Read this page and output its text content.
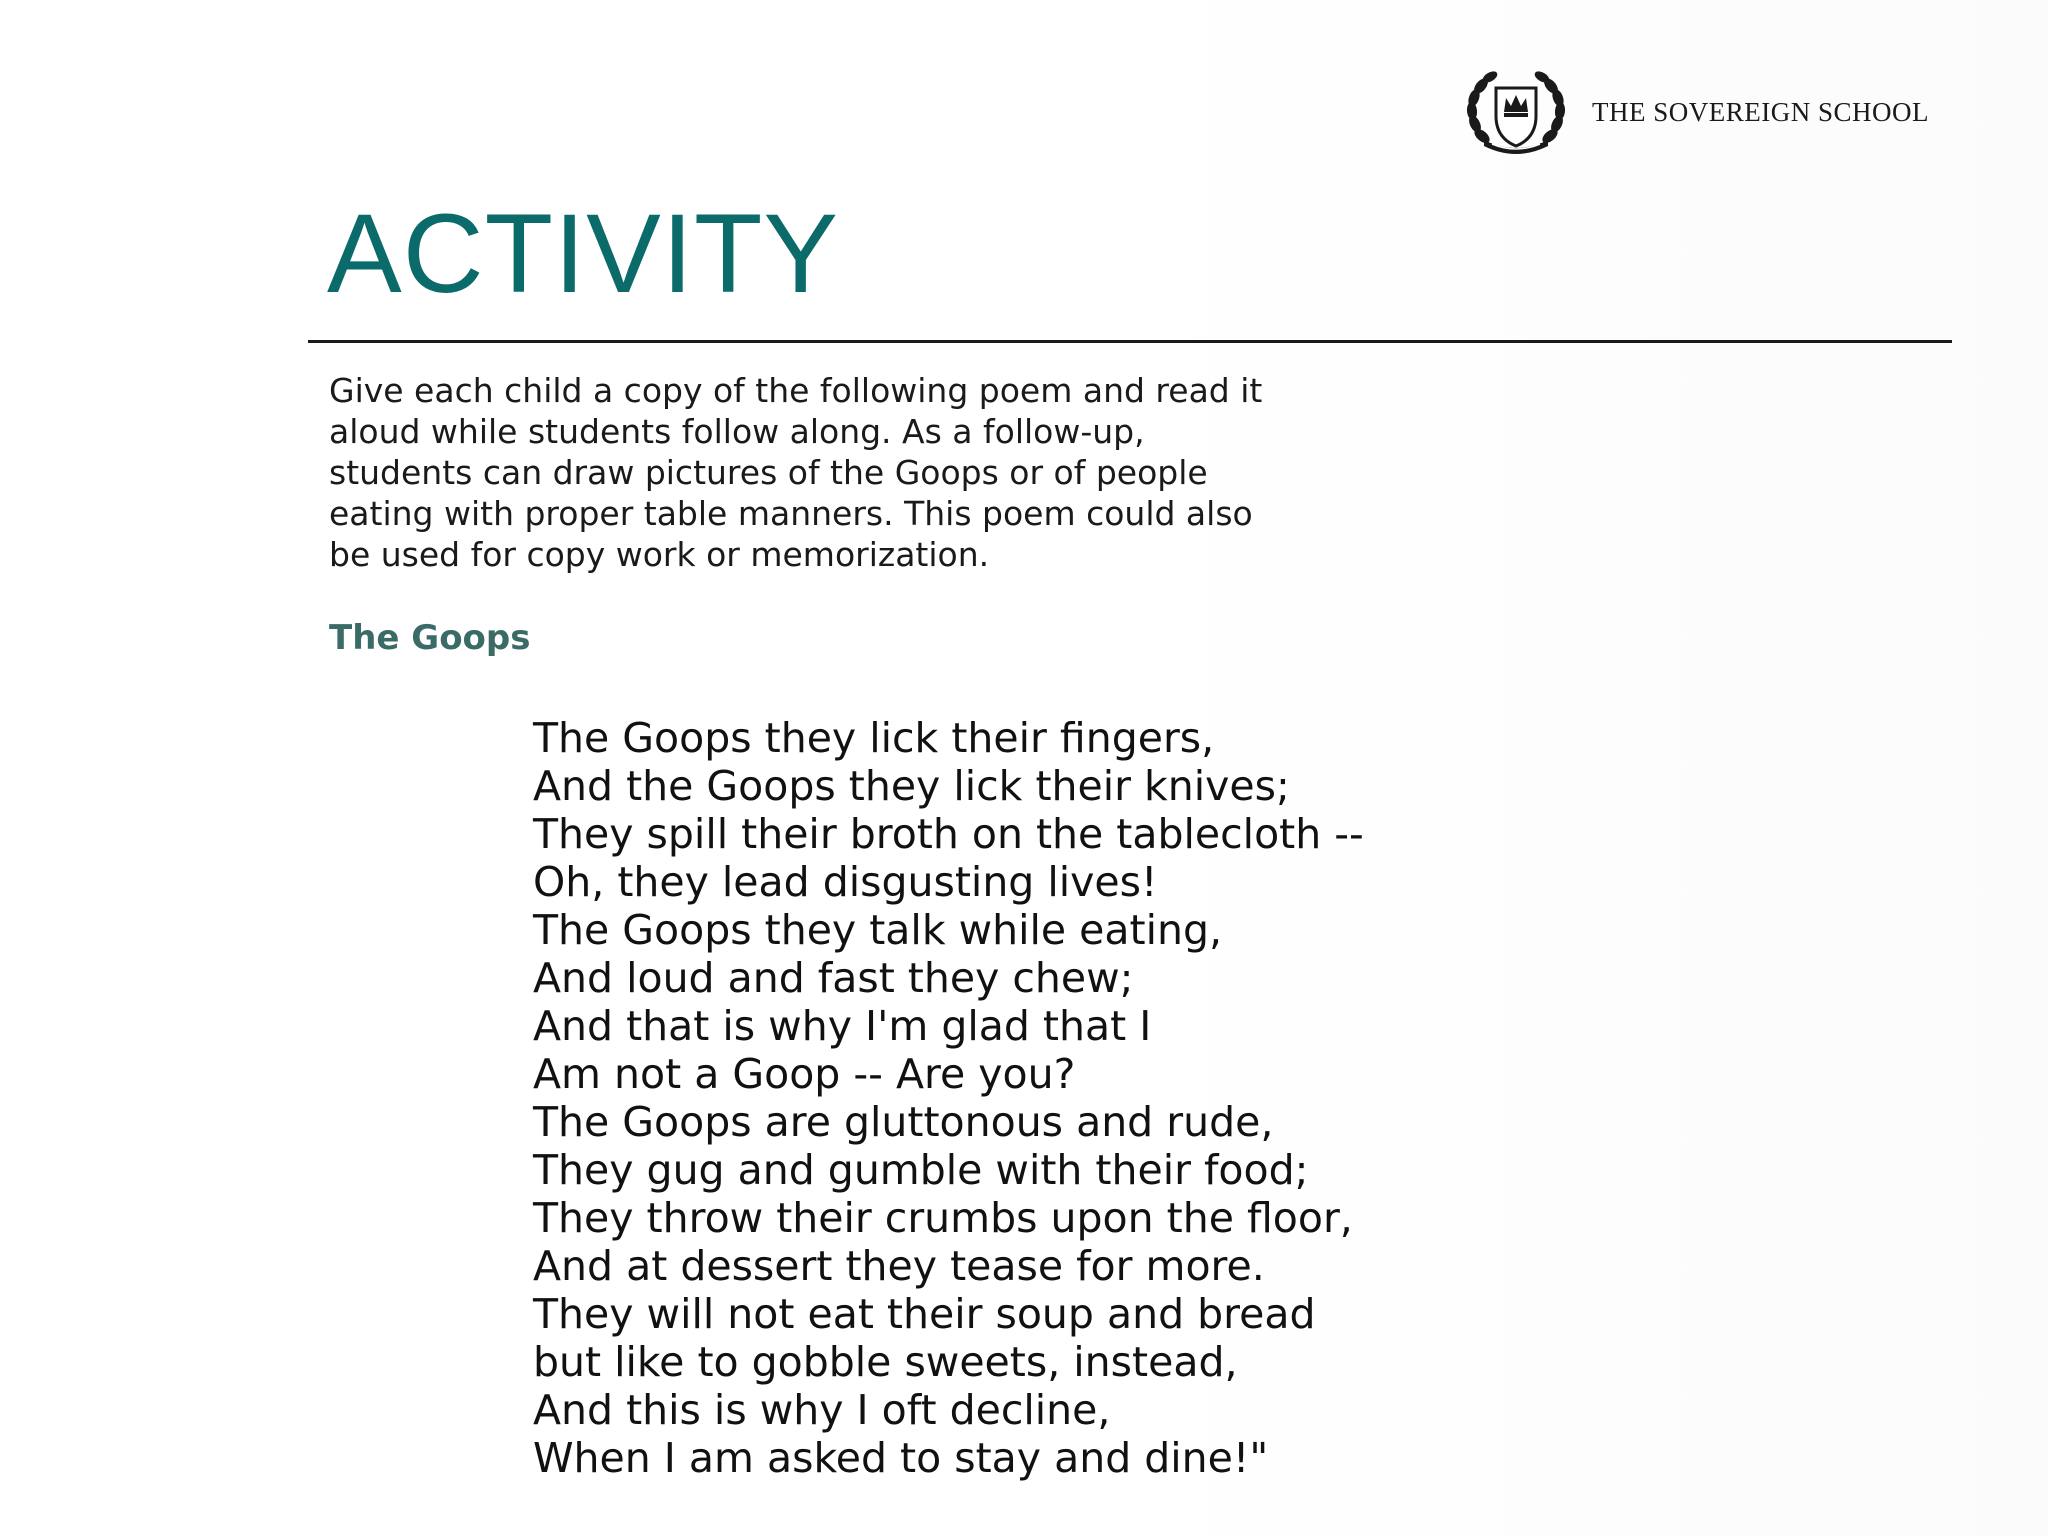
THE SOVEREIGN SCHOOL
ACTIVITY

Give each child a copy of the following poem and read it
aloud while students follow along. As a follow-up,
students can draw pictures of the Goops or of people
eating with proper table manners. This poem could also
be used for copy work or memorization.

The Goops
The Goops they lick their fingers,
And the Goops they lick their knives;
They spill their broth on the tablecloth --
Oh, they lead disgusting lives!
The Goops they talk while eating,
And loud and fast they chew;
And that is why I'm glad that I
Am not a Goop -- Are you?
The Goops are gluttonous and rude,
They gug and gumble with their food;
They throw their crumbs upon the floor,
And at dessert they tease for more.
They will not eat their soup and bread
but like to gobble sweets, instead,
And this is why I oft decline,
When I am asked to stay and dine!"
